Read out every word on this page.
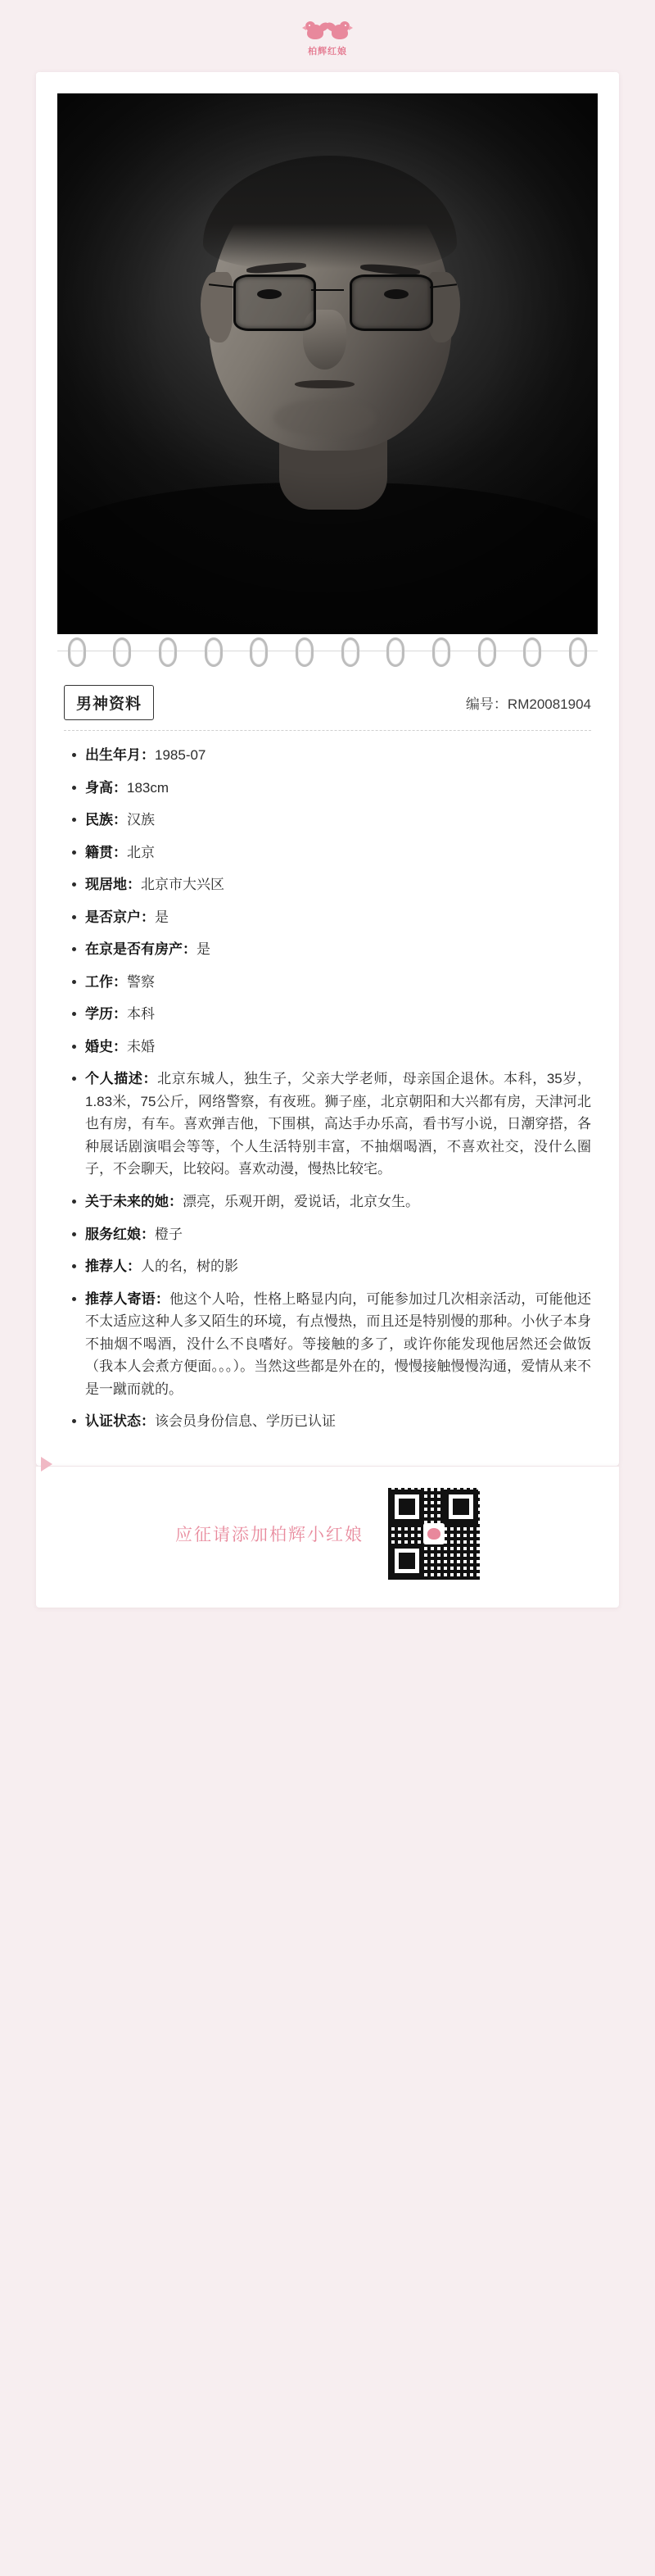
柏辉红娘
男神资料	编号：RM20081904
出生年月：1985-07
身高：183cm
民族：汉族
籍贯：北京
现居地：北京市大兴区
是否京户：是
在京是否有房产：是
工作：警察
学历：本科
婚史：未婚
个人描述：北京东城人，独生子，父亲大学老师，母亲国企退休。本科，35岁，1.83米，75公斤，网络警察，有夜班。狮子座，北京朝阳和大兴都有房，天津河北也有房，有车。喜欢弹吉他，下围棋，高达手办乐高，看书写小说，日潮穿搭，各种展话剧演唱会等等，个人生活特别丰富，不抽烟喝酒，不喜欢社交，没什么圈子，不会聊天，比较闷。喜欢动漫，慢热比较宅。
关于未来的她：漂亮，乐观开朗，爱说话，北京女生。
服务红娘：橙子
推荐人：人的名，树的影
推荐人寄语：他这个人哈，性格上略显内向，可能参加过几次相亲活动，可能他还不太适应这种人多又陌生的环境，有点慢热，而且还是特别慢的那种。小伙子本身不抽烟不喝酒，没什么不良嗜好。等接触的多了，或许你能发现他居然还会做饭（我本人会煮方便面。。。）。当然这些都是外在的，慢慢接触慢慢沟通，爱情从来不是一蹴而就的。
认证状态：该会员身份信息、学历已认证
应征请添加柏辉小红娘
